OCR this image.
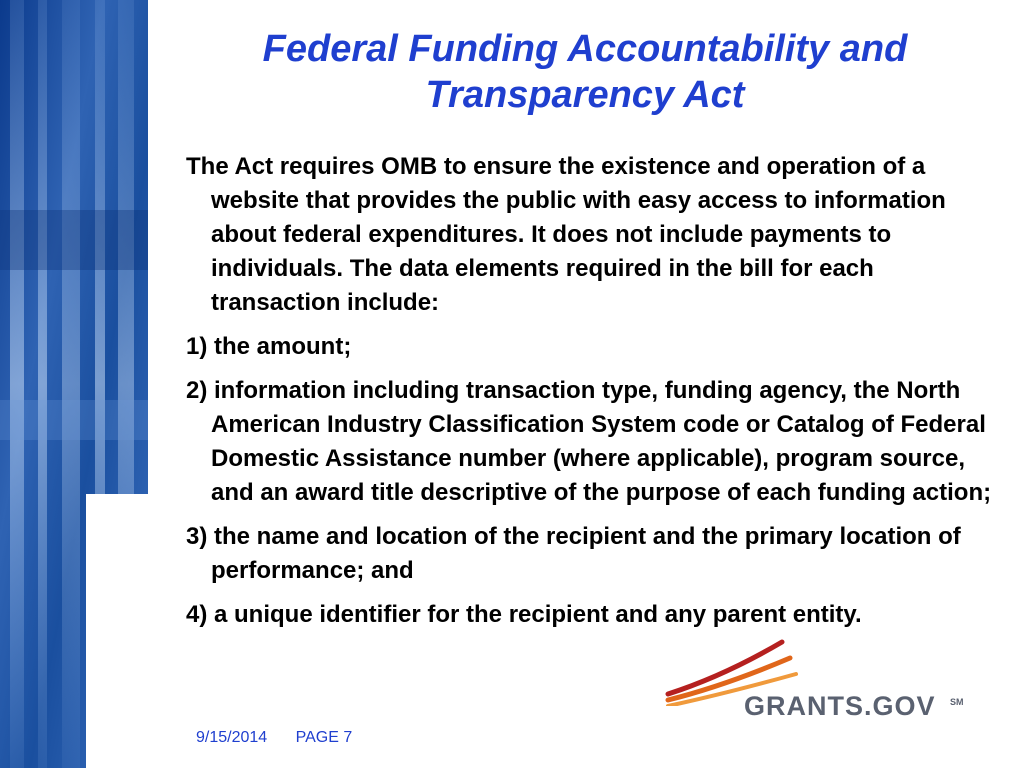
Federal Funding Accountability and Transparency Act

The Act requires OMB to ensure the existence and operation of a website that provides the public with easy access to information about federal expenditures. It does not include payments to individuals. The data elements required in the bill for each transaction include:

1) the amount;

2) information including transaction type, funding agency, the North American Industry Classification System code or Catalog of Federal Domestic Assistance number (where applicable), program source, and an award title descriptive of the purpose of each funding action;

3) the name and location of the recipient and the primary location of performance; and

4) a unique identifier for the recipient and any parent entity.

GRANTS.GOV SM
9/15/2014 PAGE 7
